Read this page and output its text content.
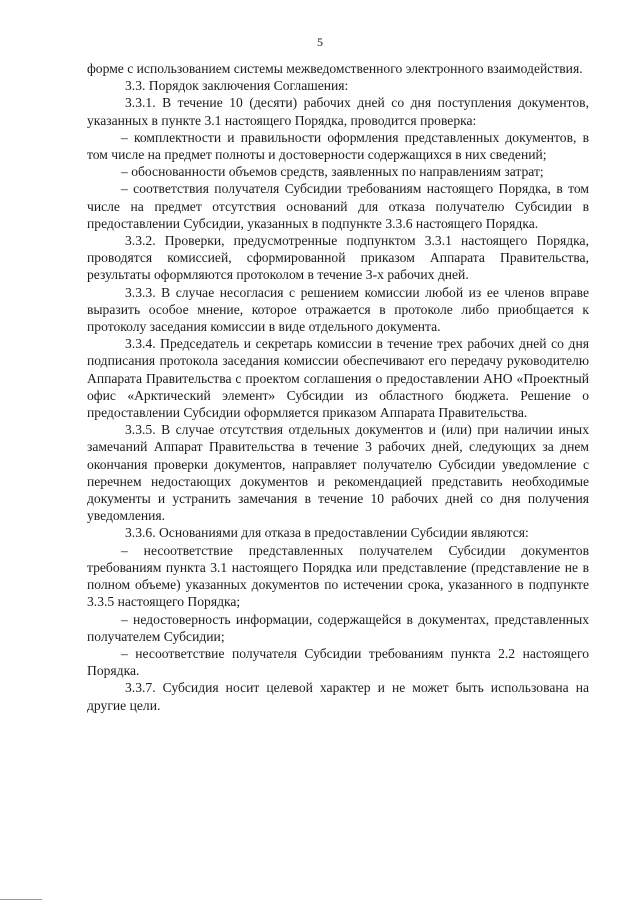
5

форме с использованием системы межведомственного электронного взаимодействия.

3.3. Порядок заключения Соглашения:

3.3.1. В течение 10 (десяти) рабочих дней со дня поступления документов, указанных в пункте 3.1 настоящего Порядка, проводится проверка:

– комплектности и правильности оформления представленных документов, в том числе на предмет полноты и достоверности содержащихся в них сведений;

– обоснованности объемов средств, заявленных по направлениям затрат;

– соответствия получателя Субсидии требованиям настоящего Порядка, в том числе на предмет отсутствия оснований для отказа получателю Субсидии в предоставлении Субсидии, указанных в подпункте 3.3.6 настоящего Порядка.

3.3.2. Проверки, предусмотренные подпунктом 3.3.1 настоящего Порядка, проводятся комиссией, сформированной приказом Аппарата Правительства, результаты оформляются протоколом в течение 3-х рабочих дней.

3.3.3. В случае несогласия с решением комиссии любой из ее членов вправе выразить особое мнение, которое отражается в протоколе либо приобщается к протоколу заседания комиссии в виде отдельного документа.

3.3.4. Председатель и секретарь комиссии в течение трех рабочих дней со дня подписания протокола заседания комиссии обеспечивают его передачу руководителю Аппарата Правительства с проектом соглашения о предоставлении АНО «Проектный офис «Арктический элемент» Субсидии из областного бюджета. Решение о предоставлении Субсидии оформляется приказом Аппарата Правительства.

3.3.5. В случае отсутствия отдельных документов и (или) при наличии иных замечаний Аппарат Правительства в течение 3 рабочих дней, следующих за днем окончания проверки документов, направляет получателю Субсидии уведомление с перечнем недостающих документов и рекомендацией представить необходимые документы и устранить замечания в течение 10 рабочих дней со дня получения уведомления.

3.3.6. Основаниями для отказа в предоставлении Субсидии являются:

– несоответствие представленных получателем Субсидии документов требованиям пункта 3.1 настоящего Порядка или представление (представление не в полном объеме) указанных документов по истечении срока, указанного в подпункте 3.3.5 настоящего Порядка;

– недостоверность информации, содержащейся в документах, представленных получателем Субсидии;

– несоответствие получателя Субсидии требованиям пункта 2.2 настоящего Порядка.

3.3.7. Субсидия носит целевой характер и не может быть использована на другие цели.
